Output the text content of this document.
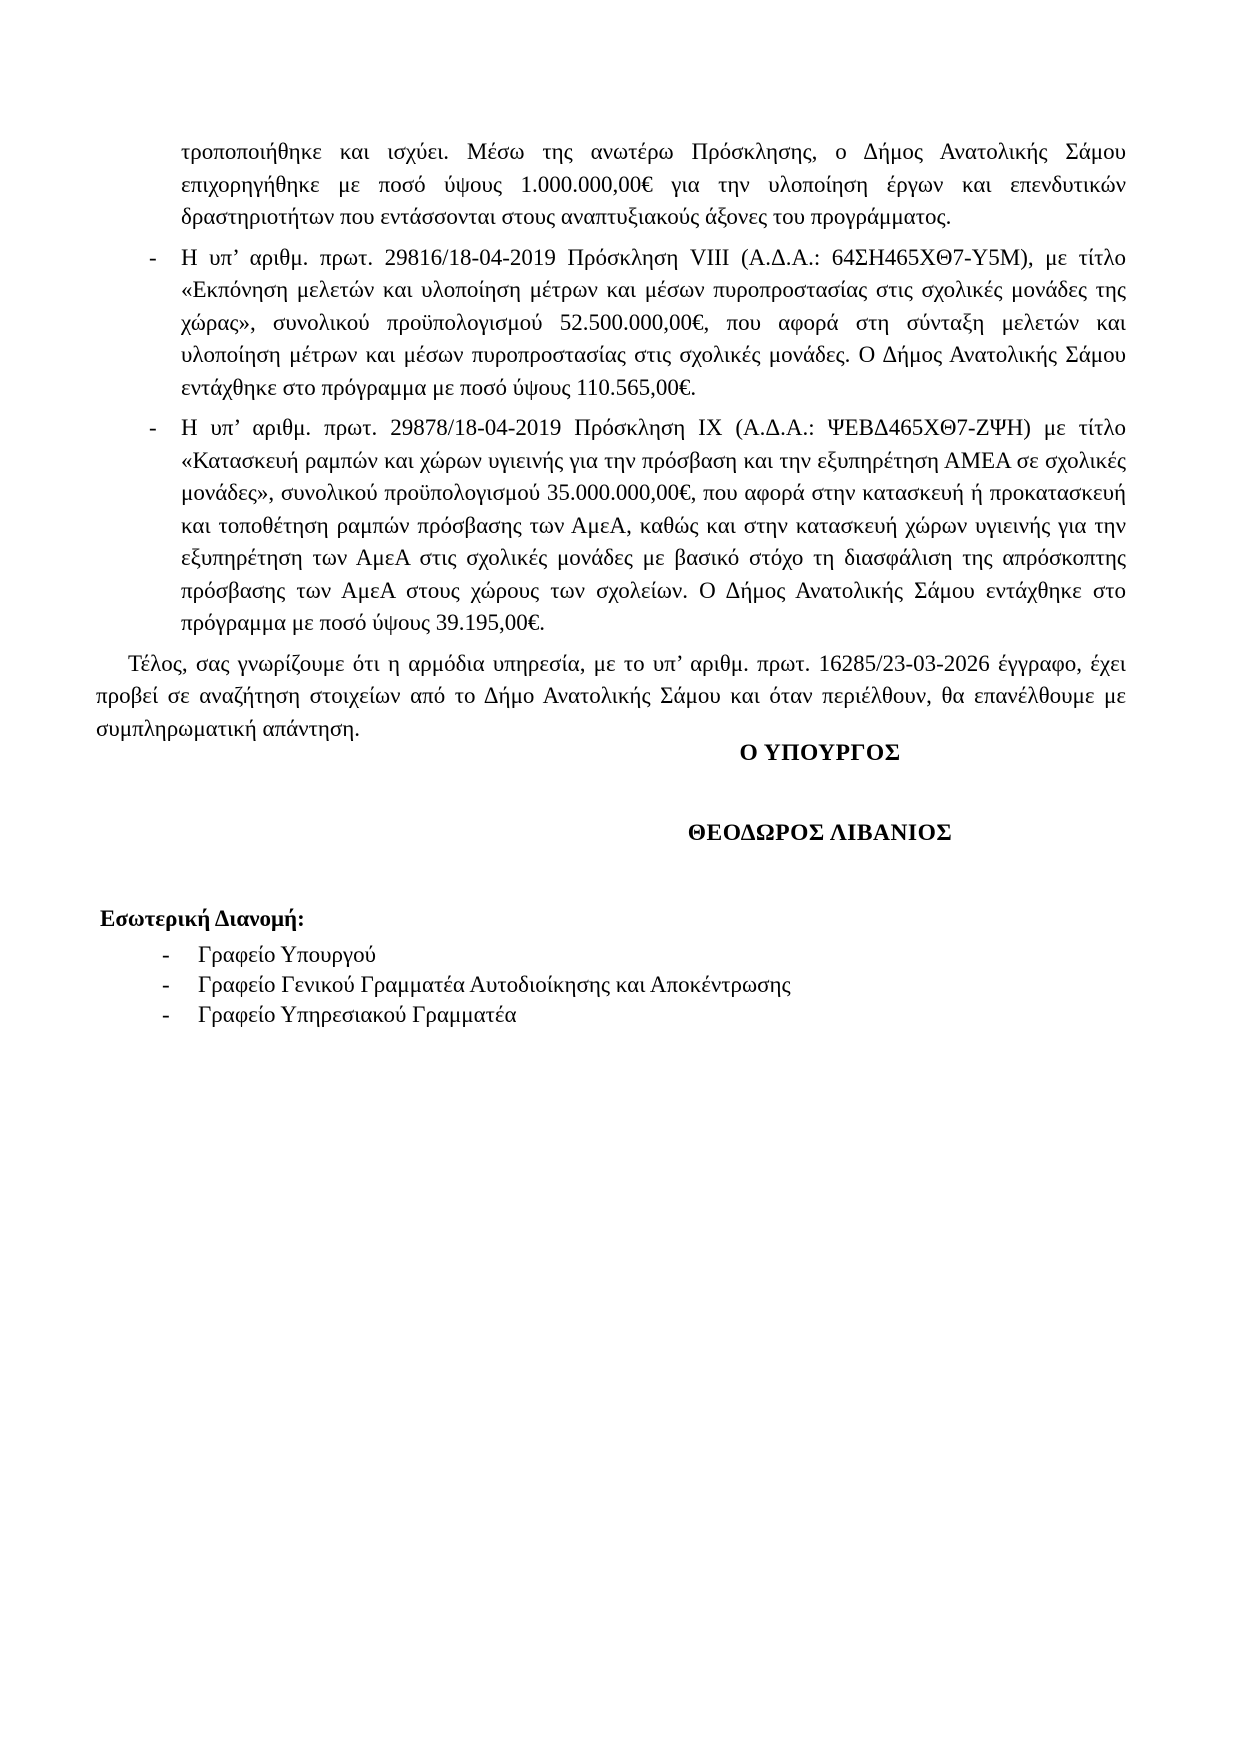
τροποποιήθηκε και ισχύει. Μέσω της ανωτέρω Πρόσκλησης, ο Δήμος Ανατολικής Σάμου επιχορηγήθηκε με ποσό ύψους 1.000.000,00€ για την υλοποίηση έργων και επενδυτικών δραστηριοτήτων που εντάσσονται στους αναπτυξιακούς άξονες του προγράμματος.

- Η υπ’ αριθμ. πρωτ. 29816/18-04-2019 Πρόσκληση VIII (Α.Δ.Α.: 64ΣΗ465ΧΘ7-Υ5Μ), με τίτλο «Εκπόνηση μελετών και υλοποίηση μέτρων και μέσων πυροπροστασίας στις σχολικές μονάδες της χώρας», συνολικού προϋπολογισμού 52.500.000,00€, που αφορά στη σύνταξη μελετών και υλοποίηση μέτρων και μέσων πυροπροστασίας στις σχολικές μονάδες. Ο Δήμος Ανατολικής Σάμου εντάχθηκε στο πρόγραμμα με ποσό ύψους 110.565,00€.
- Η υπ’ αριθμ. πρωτ. 29878/18-04-2019 Πρόσκληση ΙΧ (Α.Δ.Α.: ΨΕΒΔ465ΧΘ7-ΖΨΗ) με τίτλο «Κατασκευή ραμπών και χώρων υγιεινής για την πρόσβαση και την εξυπηρέτηση ΑΜΕΑ σε σχολικές μονάδες», συνολικού προϋπολογισμού 35.000.000,00€, που αφορά στην κατασκευή ή προκατασκευή και τοποθέτηση ραμπών πρόσβασης των ΑμεΑ, καθώς και στην κατασκευή χώρων υγιεινής για την εξυπηρέτηση των ΑμεΑ στις σχολικές μονάδες με βασικό στόχο τη διασφάλιση της απρόσκοπτης πρόσβασης των ΑμεΑ στους χώρους των σχολείων. Ο Δήμος Ανατολικής Σάμου εντάχθηκε στο πρόγραμμα με ποσό ύψους 39.195,00€.

Τέλος, σας γνωρίζουμε ότι η αρμόδια υπηρεσία, με το υπ’ αριθμ. πρωτ. 16285/23-03-2026 έγγραφο, έχει προβεί σε αναζήτηση στοιχείων από το Δήμο Ανατολικής Σάμου και όταν περιέλθουν, θα επανέλθουμε με συμπληρωματική απάντηση.

Ο ΥΠΟΥΡΓΟΣ
ΘΕΟΔΩΡΟΣ ΛΙΒΑΝΙΟΣ

Εσωτερική Διανομή:

- Γραφείο Υπουργού
- Γραφείο Γενικού Γραμματέα Αυτοδιοίκησης και Αποκέντρωσης
- Γραφείο Υπηρεσιακού Γραμματέα
